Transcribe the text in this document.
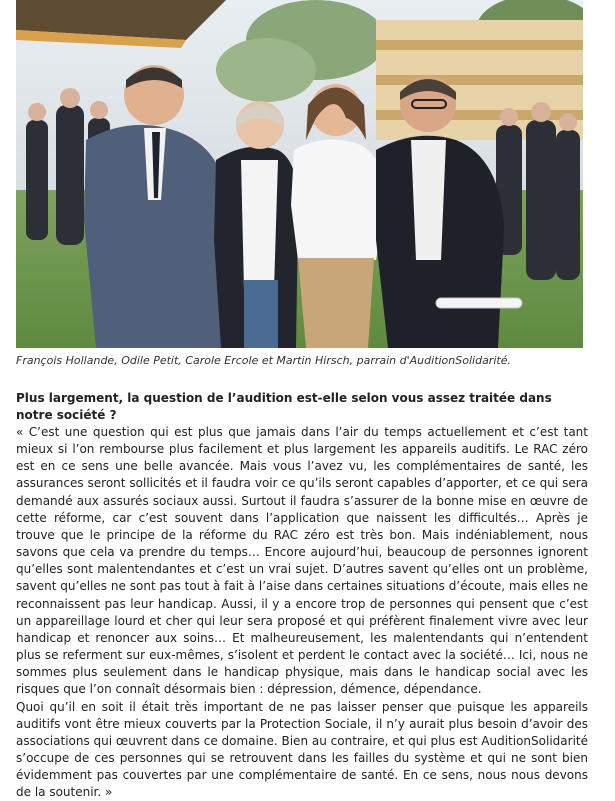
François Hollande, Odile Petit, Carole Ercole et Martin Hirsch, parrain d'AuditionSolidarité.

Plus largement, la question de l’audition est-elle selon vous assez traitée dans notre société ?

« C’est une question qui est plus que jamais dans l’air du temps actuellement et c’est tant mieux si l’on rembourse plus facilement et plus largement les appareils auditifs. Le RAC zéro est en ce sens une belle avancée. Mais vous l’avez vu, les complémentaires de santé, les assurances seront sollicités et il faudra voir ce qu’ils seront capables d’apporter, et ce qui sera demandé aux assurés sociaux aussi. Surtout il faudra s’assurer de la bonne mise en œuvre de cette réforme, car c’est souvent dans l’application que naissent les difficultés… Après je trouve que le principe de la réforme du RAC zéro est très bon. Mais indéniablement, nous savons que cela va prendre du temps… Encore aujourd’hui, beaucoup de personnes ignorent qu’elles sont malentendantes et c’est un vrai sujet. D’autres savent qu’elles ont un problème, savent qu’elles ne sont pas tout à fait à l’aise dans certaines situations d’écoute, mais elles ne reconnaissent pas leur handicap. Aussi, il y a encore trop de personnes qui pensent que c’est un appareillage lourd et cher qui leur sera proposé et qui préfèrent finalement vivre avec leur handicap et renoncer aux soins… Et malheureusement, les malentendants qui n’entendent plus se referment sur eux-mêmes, s’isolent et perdent le contact avec la société… Ici, nous ne sommes plus seulement dans le handicap physique, mais dans le handicap social avec les risques que l’on connaît désormais bien : dépression, démence, dépendance.

Quoi qu’il en soit il était très important de ne pas laisser penser que puisque les appareils auditifs vont être mieux couverts par la Protection Sociale, il n’y aurait plus besoin d’avoir des associations qui œuvrent dans ce domaine. Bien au contraire, et qui plus est AuditionSolidarité s’occupe de ces personnes qui se retrouvent dans les failles du système et qui ne sont bien évidemment pas couvertes par une complémentaire de santé. En ce sens, nous nous devons de la soutenir. »
